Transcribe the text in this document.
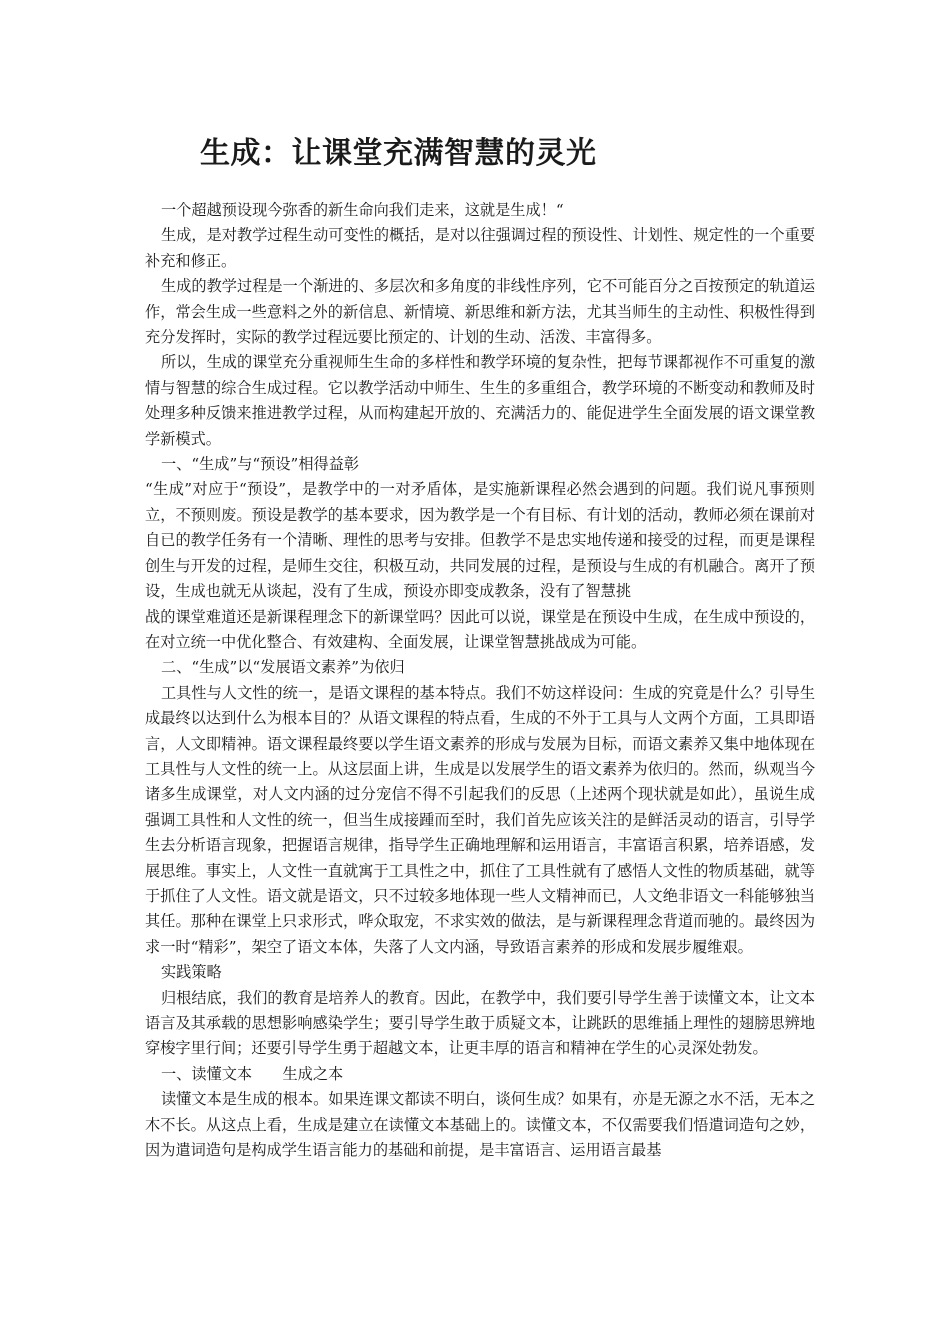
生成：让课堂充满智慧的灵光

一个超越预设现今弥香的新生命向我们走来，这就是生成！“

生成，是对教学过程生动可变性的概括，是对以往强调过程的预设性、计划性、规定性的一个重要补充和修正。

生成的教学过程是一个渐进的、多层次和多角度的非线性序列，它不可能百分之百按预定的轨道运作，常会生成一些意料之外的新信息、新情境、新思维和新方法，尤其当师生的主动性、积极性得到充分发挥时，实际的教学过程远要比预定的、计划的生动、活泼、丰富得多。

所以，生成的课堂充分重视师生生命的多样性和教学环境的复杂性，把每节课都视作不可重复的激情与智慧的综合生成过程。它以教学活动中师生、生生的多重组合，教学环境的不断变动和教师及时处理多种反馈来推进教学过程，从而构建起开放的、充满活力的、能促进学生全面发展的语文课堂教学新模式。

一、“生成”与“预设”相得益彰

“生成”对应于“预设”，是教学中的一对矛盾体，是实施新课程必然会遇到的问题。我们说凡事预则立，不预则废。预设是教学的基本要求，因为教学是一个有目标、有计划的活动，教师必须在课前对自已的教学任务有一个清晰、理性的思考与安排。但教学不是忠实地传递和接受的过程，而更是课程创生与开发的过程，是师生交往，积极互动，共同发展的过程，是预设与生成的有机融合。离开了预设，生成也就无从谈起，没有了生成，预设亦即变成教条，没有了智慧挑

战的课堂难道还是新课程理念下的新课堂吗？因此可以说，课堂是在预设中生成，在生成中预设的，在对立统一中优化整合、有效建构、全面发展，让课堂智慧挑战成为可能。

二、“生成”以“发展语文素养”为依归

工具性与人文性的统一，是语文课程的基本特点。我们不妨这样设问：生成的究竟是什么？引导生成最终以达到什么为根本目的？从语文课程的特点看，生成的不外于工具与人文两个方面，工具即语言，人文即精神。语文课程最终要以学生语文素养的形成与发展为目标，而语文素养又集中地体现在工具性与人文性的统一上。从这层面上讲，生成是以发展学生的语文素养为依归的。然而，纵观当今诸多生成课堂，对人文内涵的过分宠信不得不引起我们的反思（上述两个现状就是如此），虽说生成强调工具性和人文性的统一，但当生成接踵而至时，我们首先应该关注的是鲜活灵动的语言，引导学生去分析语言现象，把握语言规律，指导学生正确地理解和运用语言，丰富语言积累，培养语感，发展思维。事实上，人文性一直就寓于工具性之中，抓住了工具性就有了感悟人文性的物质基础，就等于抓住了人文性。语文就是语文，只不过较多地体现一些人文精神而已，人文绝非语文一科能够独当其任。那种在课堂上只求形式，哗众取宠，不求实效的做法，是与新课程理念背道而驰的。最终因为求一时“精彩”，架空了语文本体，失落了人文内涵，导致语言素养的形成和发展步履维艰。

实践策略

归根结底，我们的教育是培养人的教育。因此，在教学中，我们要引导学生善于读懂文本，让文本语言及其承载的思想影响感染学生；要引导学生敢于质疑文本，让跳跃的思维插上理性的翅膀思辨地穿梭字里行间；还要引导学生勇于超越文本，让更丰厚的语言和精神在学生的心灵深处勃发。

一、读懂文本　　生成之本

读懂文本是生成的根本。如果连课文都读不明白，谈何生成？如果有，亦是无源之水不活，无本之木不长。从这点上看，生成是建立在读懂文本基础上的。读懂文本，不仅需要我们悟遣词造句之妙，因为遣词造句是构成学生语言能力的基础和前提，是丰富语言、运用语言最基
